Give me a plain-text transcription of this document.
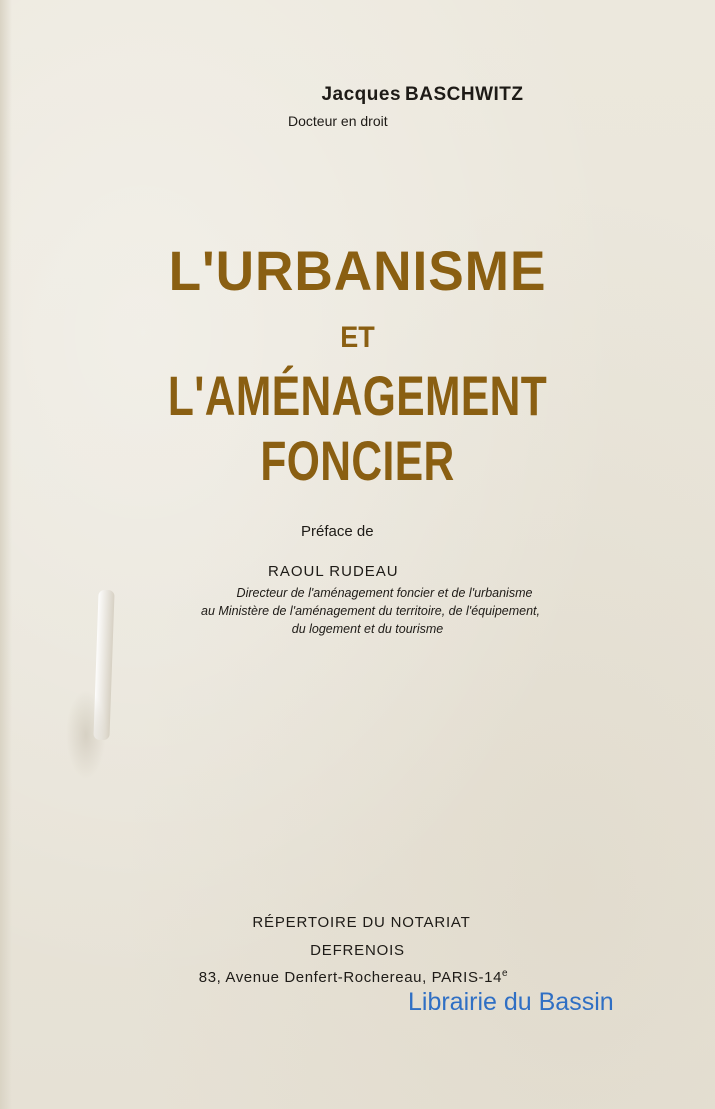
Jacques BASCHWITZ
Docteur en droit
L'URBANISME
ET
L'AMÉNAGEMENT FONCIER
Préface de
RAOUL RUDEAU
Directeur de l'aménagement foncier et de l'urbanisme
au Ministère de l'aménagement du territoire, de l'équipement,
du logement et du tourisme
RÉPERTOIRE DU NOTARIAT
DEFRENOIS
83, Avenue Denfert-Rochereau, PARIS-14e
Librairie du Bassin
